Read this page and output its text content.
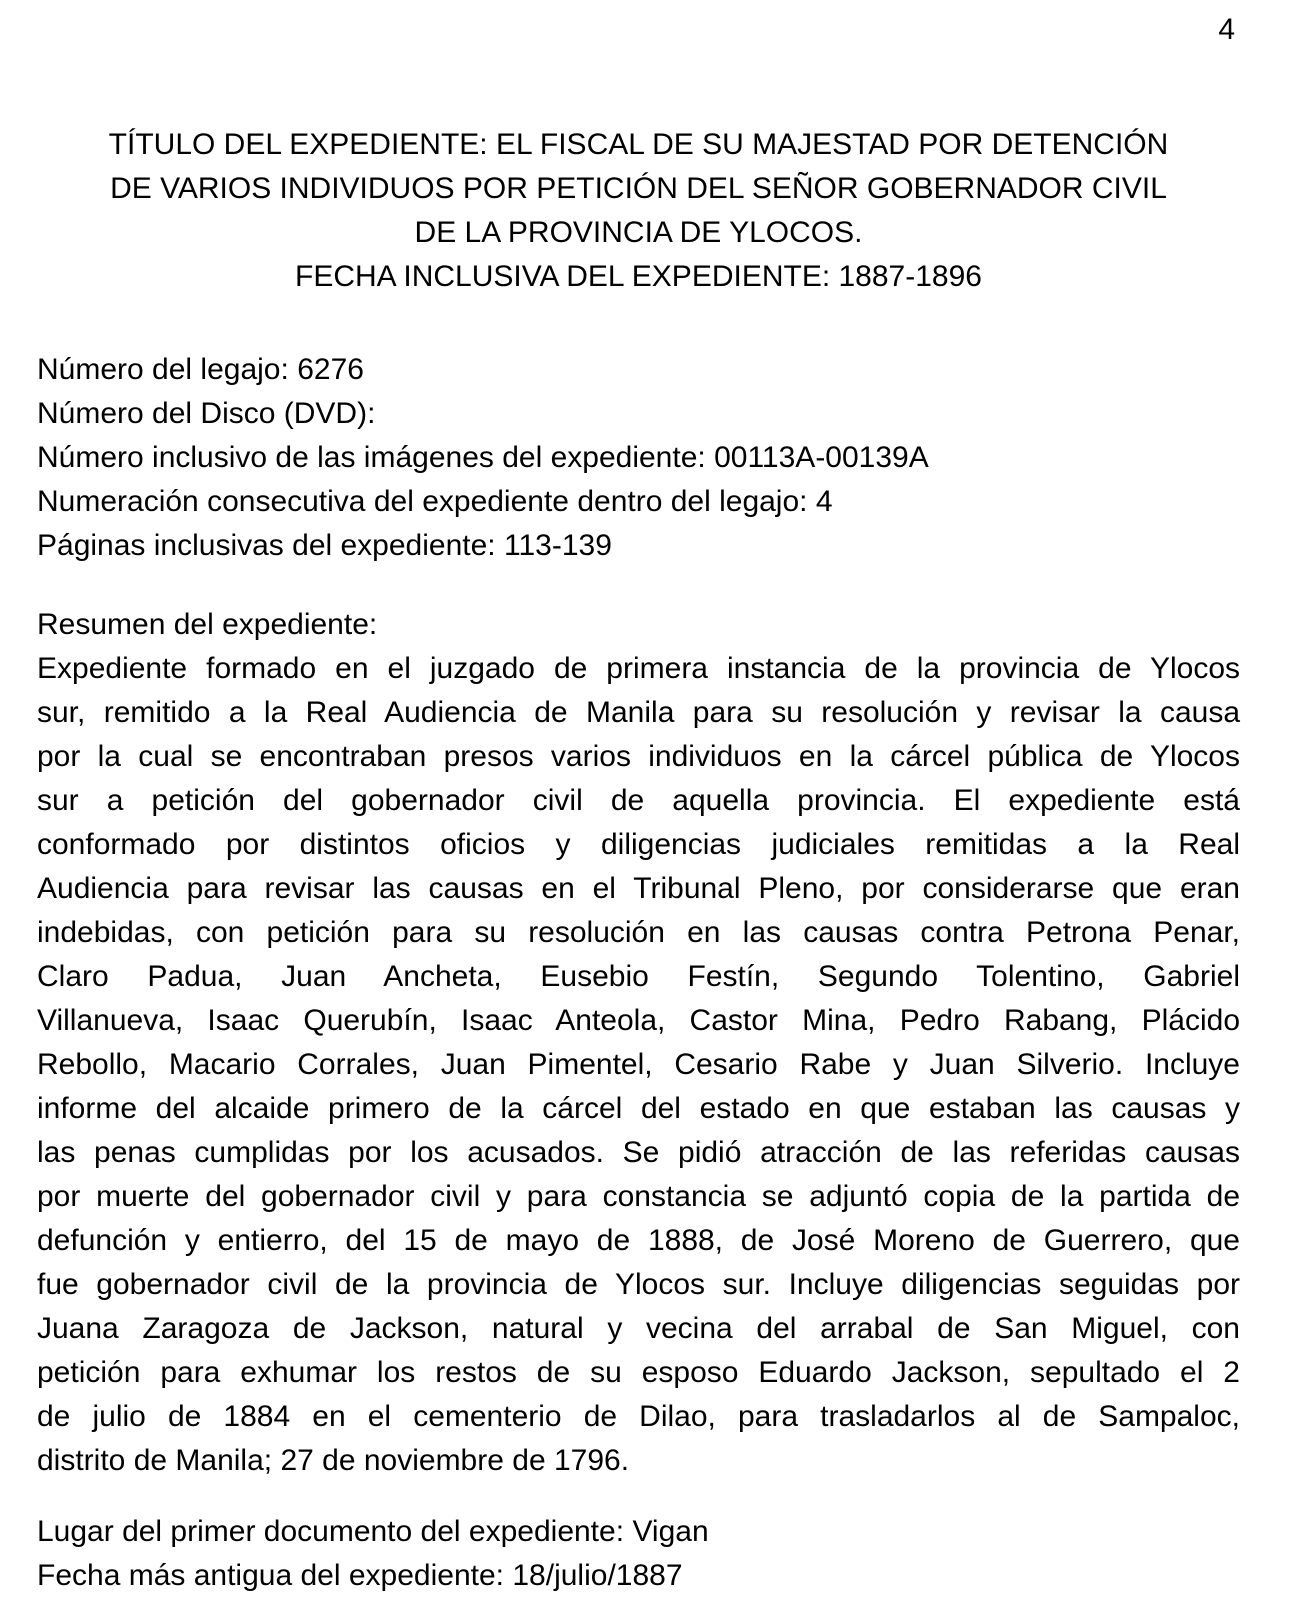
4
TÍTULO DEL EXPEDIENTE: EL FISCAL DE SU MAJESTAD POR DETENCIÓN
DE VARIOS INDIVIDUOS POR PETICIÓN DEL SEÑOR GOBERNADOR CIVIL
DE LA PROVINCIA DE YLOCOS.
FECHA INCLUSIVA DEL EXPEDIENTE: 1887-1896
Número del legajo: 6276
Número del Disco (DVD):
Número inclusivo de las imágenes del expediente: 00113A-00139A
Numeración consecutiva del expediente dentro del legajo: 4
Páginas inclusivas del expediente: 113-139
Resumen del expediente:
Expediente formado en el juzgado de primera instancia de la provincia de Ylocos
sur, remitido a la Real Audiencia de Manila para su resolución y revisar la causa
por la cual se encontraban presos varios individuos en la cárcel pública de Ylocos
sur a petición del gobernador civil de aquella provincia. El expediente está
conformado por distintos oficios y diligencias judiciales remitidas a la Real
Audiencia para revisar las causas en el Tribunal Pleno, por considerarse que eran
indebidas, con petición para su resolución en las causas contra Petrona Penar,
Claro Padua, Juan Ancheta, Eusebio Festín, Segundo Tolentino, Gabriel
Villanueva, Isaac Querubín, Isaac Anteola, Castor Mina, Pedro Rabang, Plácido
Rebollo, Macario Corrales, Juan Pimentel, Cesario Rabe y Juan Silverio. Incluye
informe del alcaide primero de la cárcel del estado en que estaban las causas y
las penas cumplidas por los acusados. Se pidió atracción de las referidas causas
por muerte del gobernador civil y para constancia se adjuntó copia de la partida de
defunción y entierro, del 15 de mayo de 1888, de José Moreno de Guerrero, que
fue gobernador civil de la provincia de Ylocos sur. Incluye diligencias seguidas por
Juana Zaragoza de Jackson, natural y vecina del arrabal de San Miguel, con
petición para exhumar los restos de su esposo Eduardo Jackson, sepultado el 2
de julio de 1884 en el cementerio de Dilao, para trasladarlos al de Sampaloc,
distrito de Manila; 27 de noviembre de 1796.
Lugar del primer documento del expediente: Vigan
Fecha más antigua del expediente: 18/julio/1887
